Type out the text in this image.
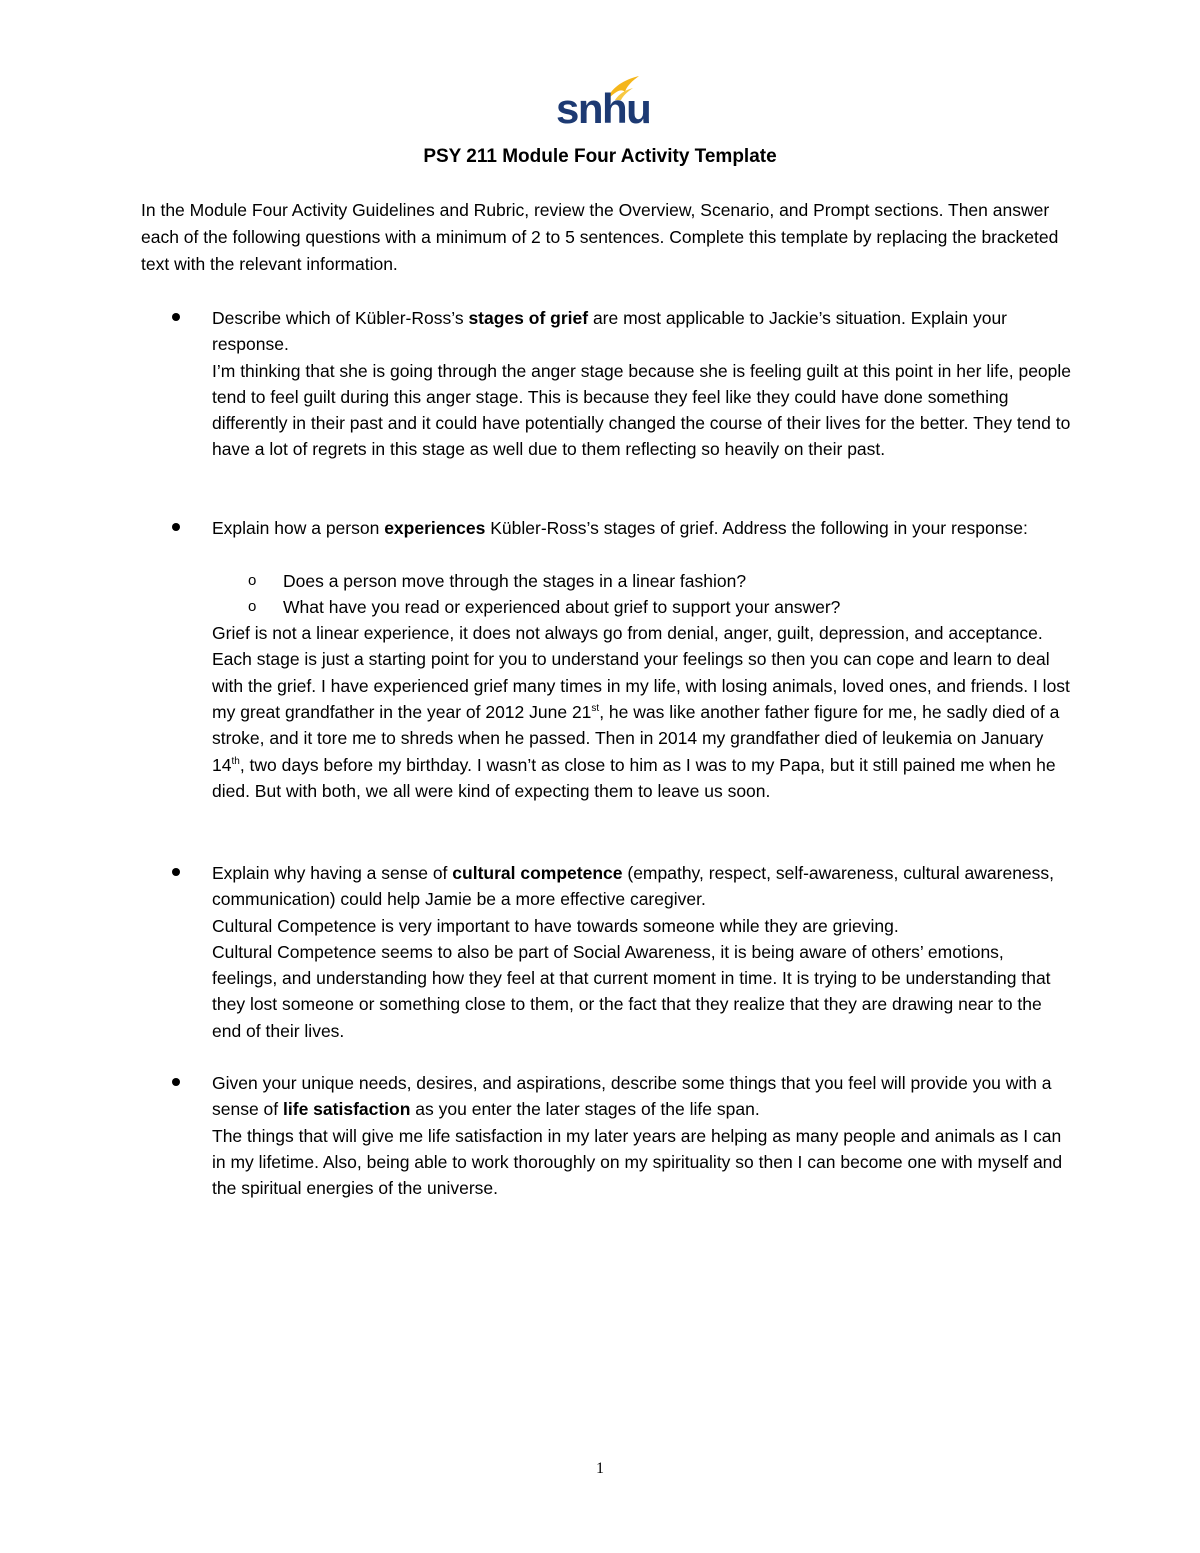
snhu
PSY 211 Module Four Activity Template
In the Module Four Activity Guidelines and Rubric, review the Overview, Scenario, and Prompt sections. Then answer each of the following questions with a minimum of 2 to 5 sentences. Complete this template by replacing the bracketed text with the relevant information.
Describe which of Kübler-Ross’s stages of grief are most applicable to Jackie’s situation. Explain your response.
I’m thinking that she is going through the anger stage because she is feeling guilt at this point in her life, people tend to feel guilt during this anger stage. This is because they feel like they could have done something differently in their past and it could have potentially changed the course of their lives for the better. They tend to have a lot of regrets in this stage as well due to them reflecting so heavily on their past.
Explain how a person experiences Kübler-Ross’s stages of grief. Address the following in your response:
o Does a person move through the stages in a linear fashion?
o What have you read or experienced about grief to support your answer?
Grief is not a linear experience, it does not always go from denial, anger, guilt, depression, and acceptance. Each stage is just a starting point for you to understand your feelings so then you can cope and learn to deal with the grief. I have experienced grief many times in my life, with losing animals, loved ones, and friends. I lost my great grandfather in the year of 2012 June 21st, he was like another father figure for me, he sadly died of a stroke, and it tore me to shreds when he passed. Then in 2014 my grandfather died of leukemia on January 14th, two days before my birthday. I wasn’t as close to him as I was to my Papa, but it still pained me when he died. But with both, we all were kind of expecting them to leave us soon.
Explain why having a sense of cultural competence (empathy, respect, self-awareness, cultural awareness, communication) could help Jamie be a more effective caregiver.
Cultural Competence is very important to have towards someone while they are grieving.
Cultural Competence seems to also be part of Social Awareness, it is being aware of others’ emotions, feelings, and understanding how they feel at that current moment in time. It is trying to be understanding that they lost someone or something close to them, or the fact that they realize that they are drawing near to the end of their lives.
Given your unique needs, desires, and aspirations, describe some things that you feel will provide you with a sense of life satisfaction as you enter the later stages of the life span.
The things that will give me life satisfaction in my later years are helping as many people and animals as I can in my lifetime. Also, being able to work thoroughly on my spirituality so then I can become one with myself and the spiritual energies of the universe.
1
